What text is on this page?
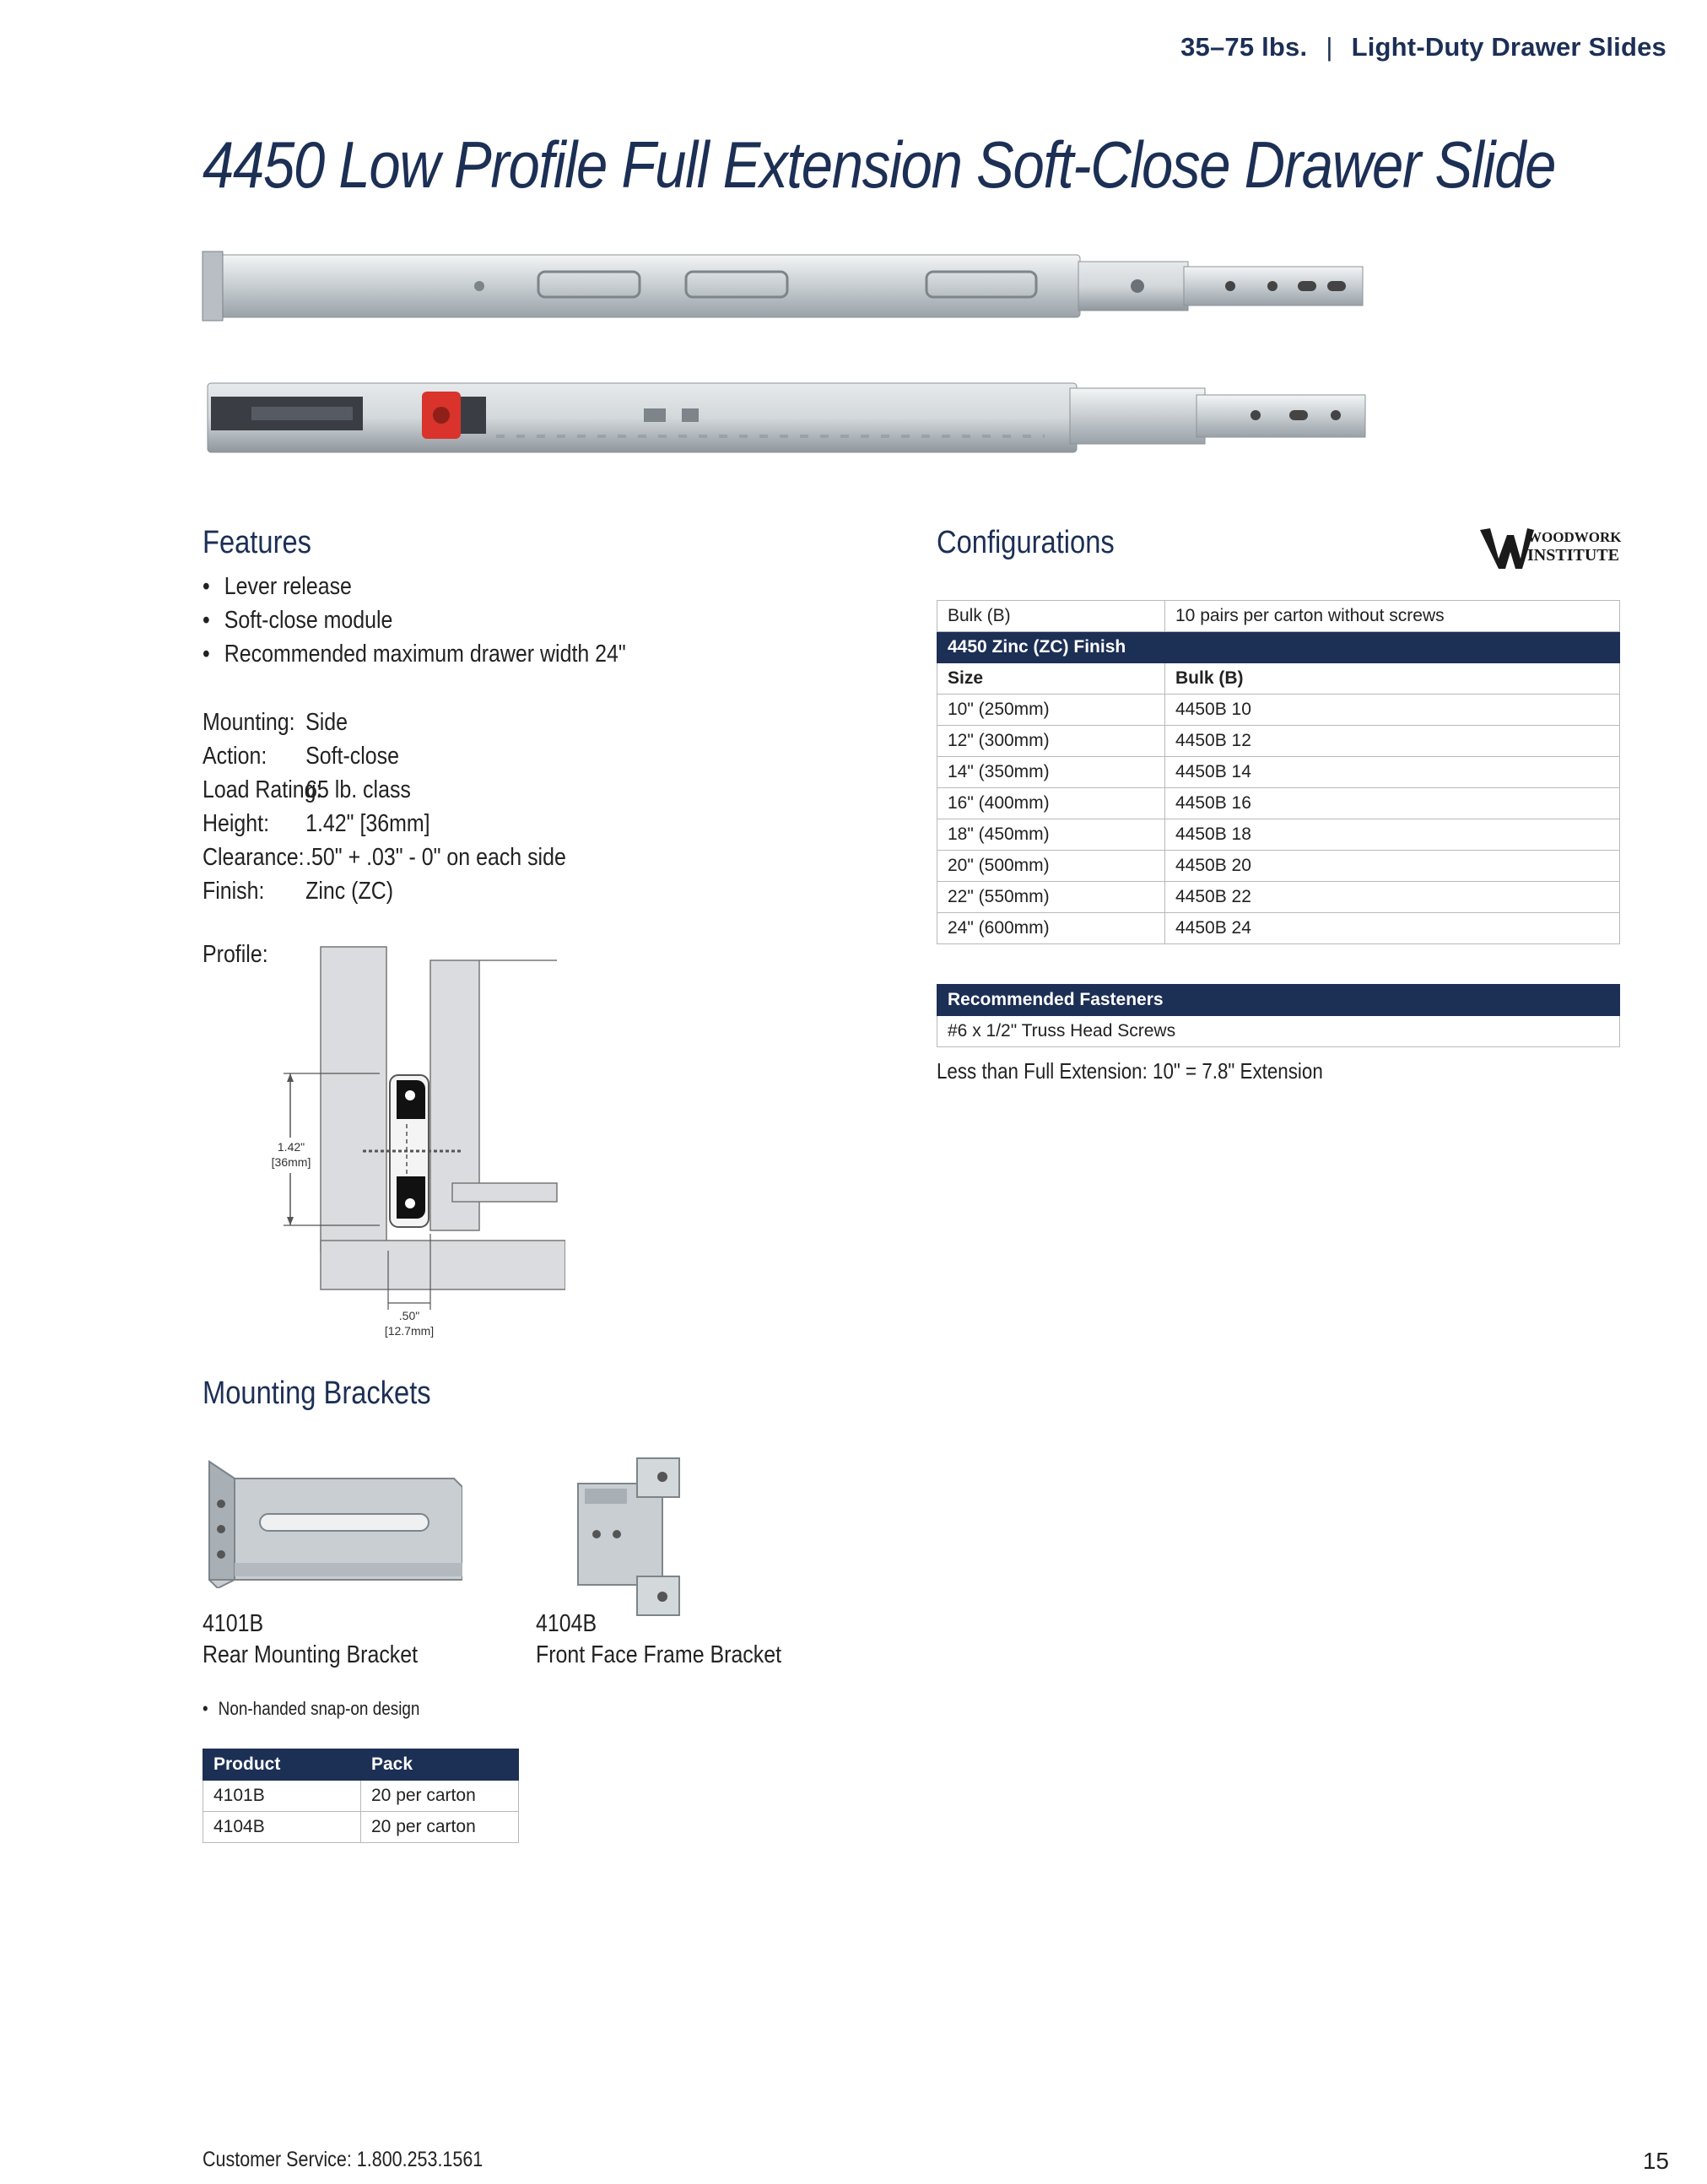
35–75 lbs. | Light-Duty Drawer Slides
4450 Low Profile Full Extension Soft-Close Drawer Slide
Features
• Lever release
• Soft-close module
• Recommended maximum drawer width 24"
Mounting: Side
Action: Soft-close
Load Rating:65 lb. class
Height: 1.42" [36mm]
Clearance:.50" + .03" - 0" on each side
Finish: Zinc (ZC)
Profile:
1.42"
[36mm]
.50"
[12.7mm]
Configurations	WOODWORK
INSTITUTE
Bulk (B)	10 pairs per carton without screws
4450 Zinc (ZC) Finish	
Size	Bulk (B)
10" (250mm)	4450B 10
12" (300mm)	4450B 12
14" (350mm)	4450B 14
16" (400mm)	4450B 16
18" (450mm)	4450B 18
20" (500mm)	4450B 20
22" (550mm)	4450B 22
24" (600mm)	4450B 24
Recommended Fasteners
#6 x 1/2" Truss Head Screws
Less than Full Extension: 10" = 7.8" Extension
Mounting Brackets
4101B
Rear Mounting Bracket
4104B
Front Face Frame Bracket
• Non-handed snap-on design
Product	Pack
4101B	20 per carton
4104B	20 per carton
Customer Service: 1.800.253.1561	15
